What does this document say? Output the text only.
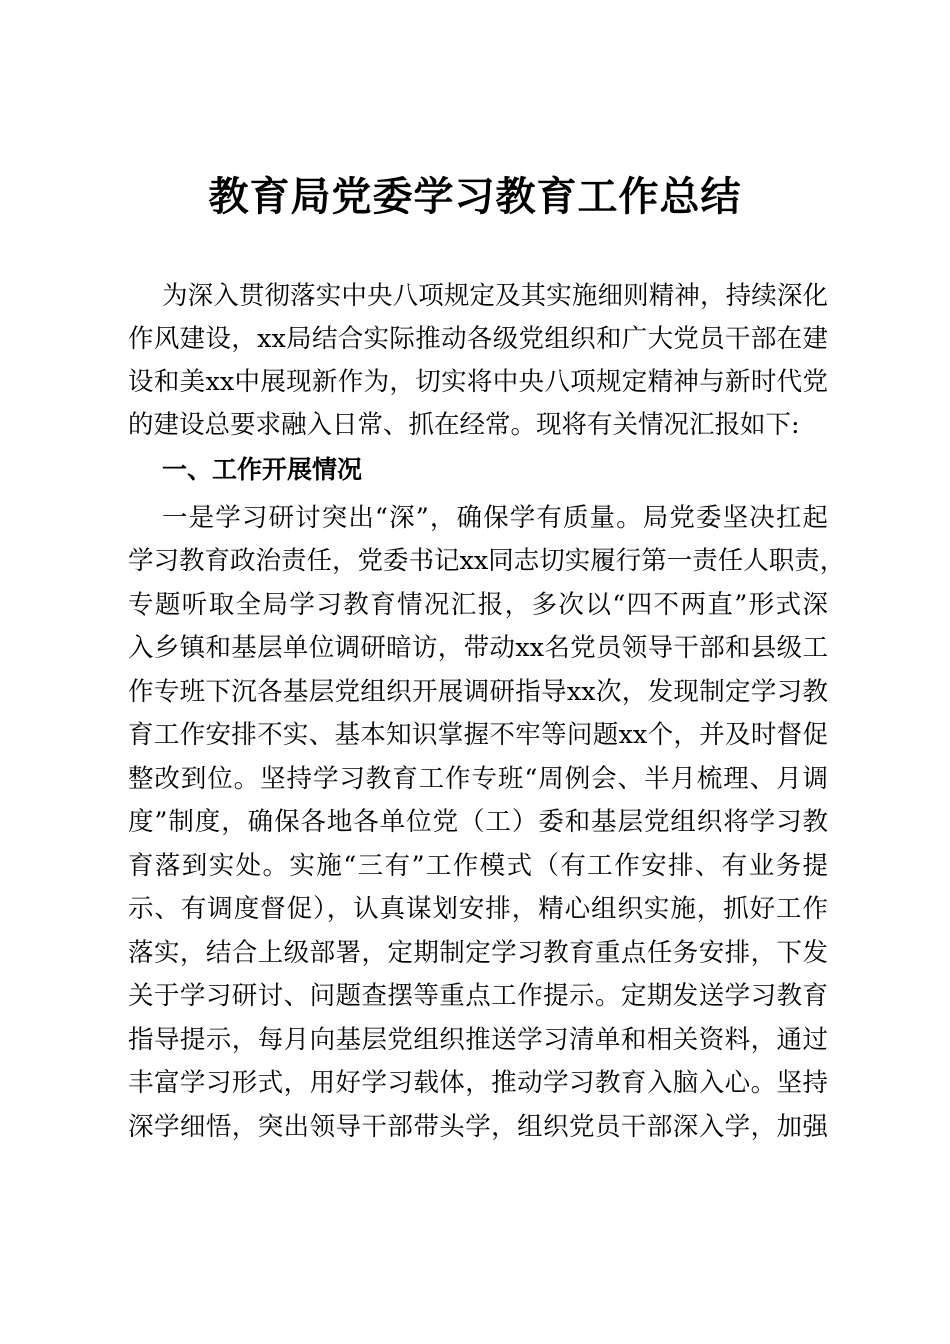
教育局党委学习教育工作总结

为深入贯彻落实中央八项规定及其实施细则精神，持续深化

作风建设，xx局结合实际推动各级党组织和广大党员干部在建

设和美xx中展现新作为，切实将中央八项规定精神与新时代党

的建设总要求融入日常、抓在经常。现将有关情况汇报如下:

一、工作开展情况

一是学习研讨突出“深”，确保学有质量。局党委坚决扛起

学习教育政治责任，党委书记xx同志切实履行第一责任人职责，

专题听取全局学习教育情况汇报，多次以“四不两直”形式深

入乡镇和基层单位调研暗访，带动xx名党员领导干部和县级工

作专班下沉各基层党组织开展调研指导xx次，发现制定学习教

育工作安排不实、基本知识掌握不牢等问题xx个，并及时督促

整改到位。坚持学习教育工作专班“周例会、半月梳理、月调

度”制度，确保各地各单位党（工）委和基层党组织将学习教

育落到实处。实施“三有”工作模式（有工作安排、有业务提

示、有调度督促），认真谋划安排，精心组织实施，抓好工作

落实，结合上级部署，定期制定学习教育重点任务安排，下发

关于学习研讨、问题查摆等重点工作提示。定期发送学习教育

指导提示，每月向基层党组织推送学习清单和相关资料，通过

丰富学习形式，用好学习载体，推动学习教育入脑入心。坚持

深学细悟，突出领导干部带头学，组织党员干部深入学，加强
